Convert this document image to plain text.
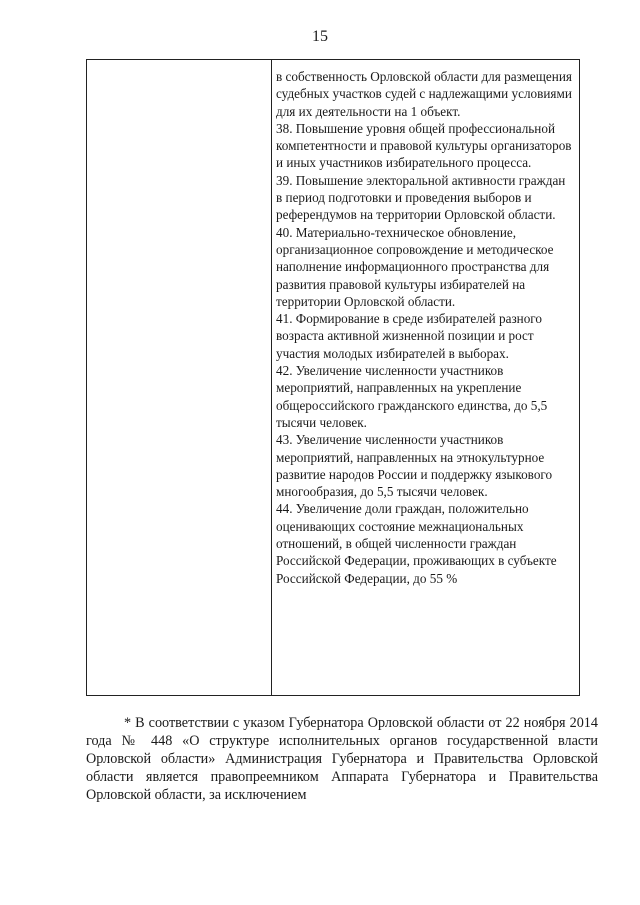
15

в собственность Орловской области для размещения судебных участков судей с надлежащими условиями для их деятельности на 1 объект.

38. Повышение уровня общей профессиональной компетентности и правовой культуры организаторов и иных участников избирательного процесса.

39. Повышение электоральной активности граждан в период подготовки и проведения выборов и референдумов на территории Орловской области.

40. Материально-техническое обновление, организационное сопровождение и методическое наполнение информационного пространства для развития правовой культуры избирателей на территории Орловской области.

41. Формирование в среде избирателей разного возраста активной жизненной позиции и рост участия молодых избирателей в выборах.

42. Увеличение численности участников мероприятий, направленных на укрепление общероссийского гражданского единства, до 5,5 тысячи человек.

43. Увеличение численности участников мероприятий, направленных на этнокультурное развитие народов России и поддержку языкового многообразия, до 5,5 тысячи человек.

44. Увеличение доли граждан, положительно оценивающих состояние межнациональных отношений, в общей численности граждан Российской Федерации, проживающих в субъекте Российской Федерации, до 55 %

* В соответствии с указом Губернатора Орловской области от 22 ноября 2014 года № 448 «О структуре исполнительных органов государственной власти Орловской области» Администрация Губернатора и Правительства Орловской области является правопреемником Аппарата Губернатора и Правительства Орловской области, за исключением
